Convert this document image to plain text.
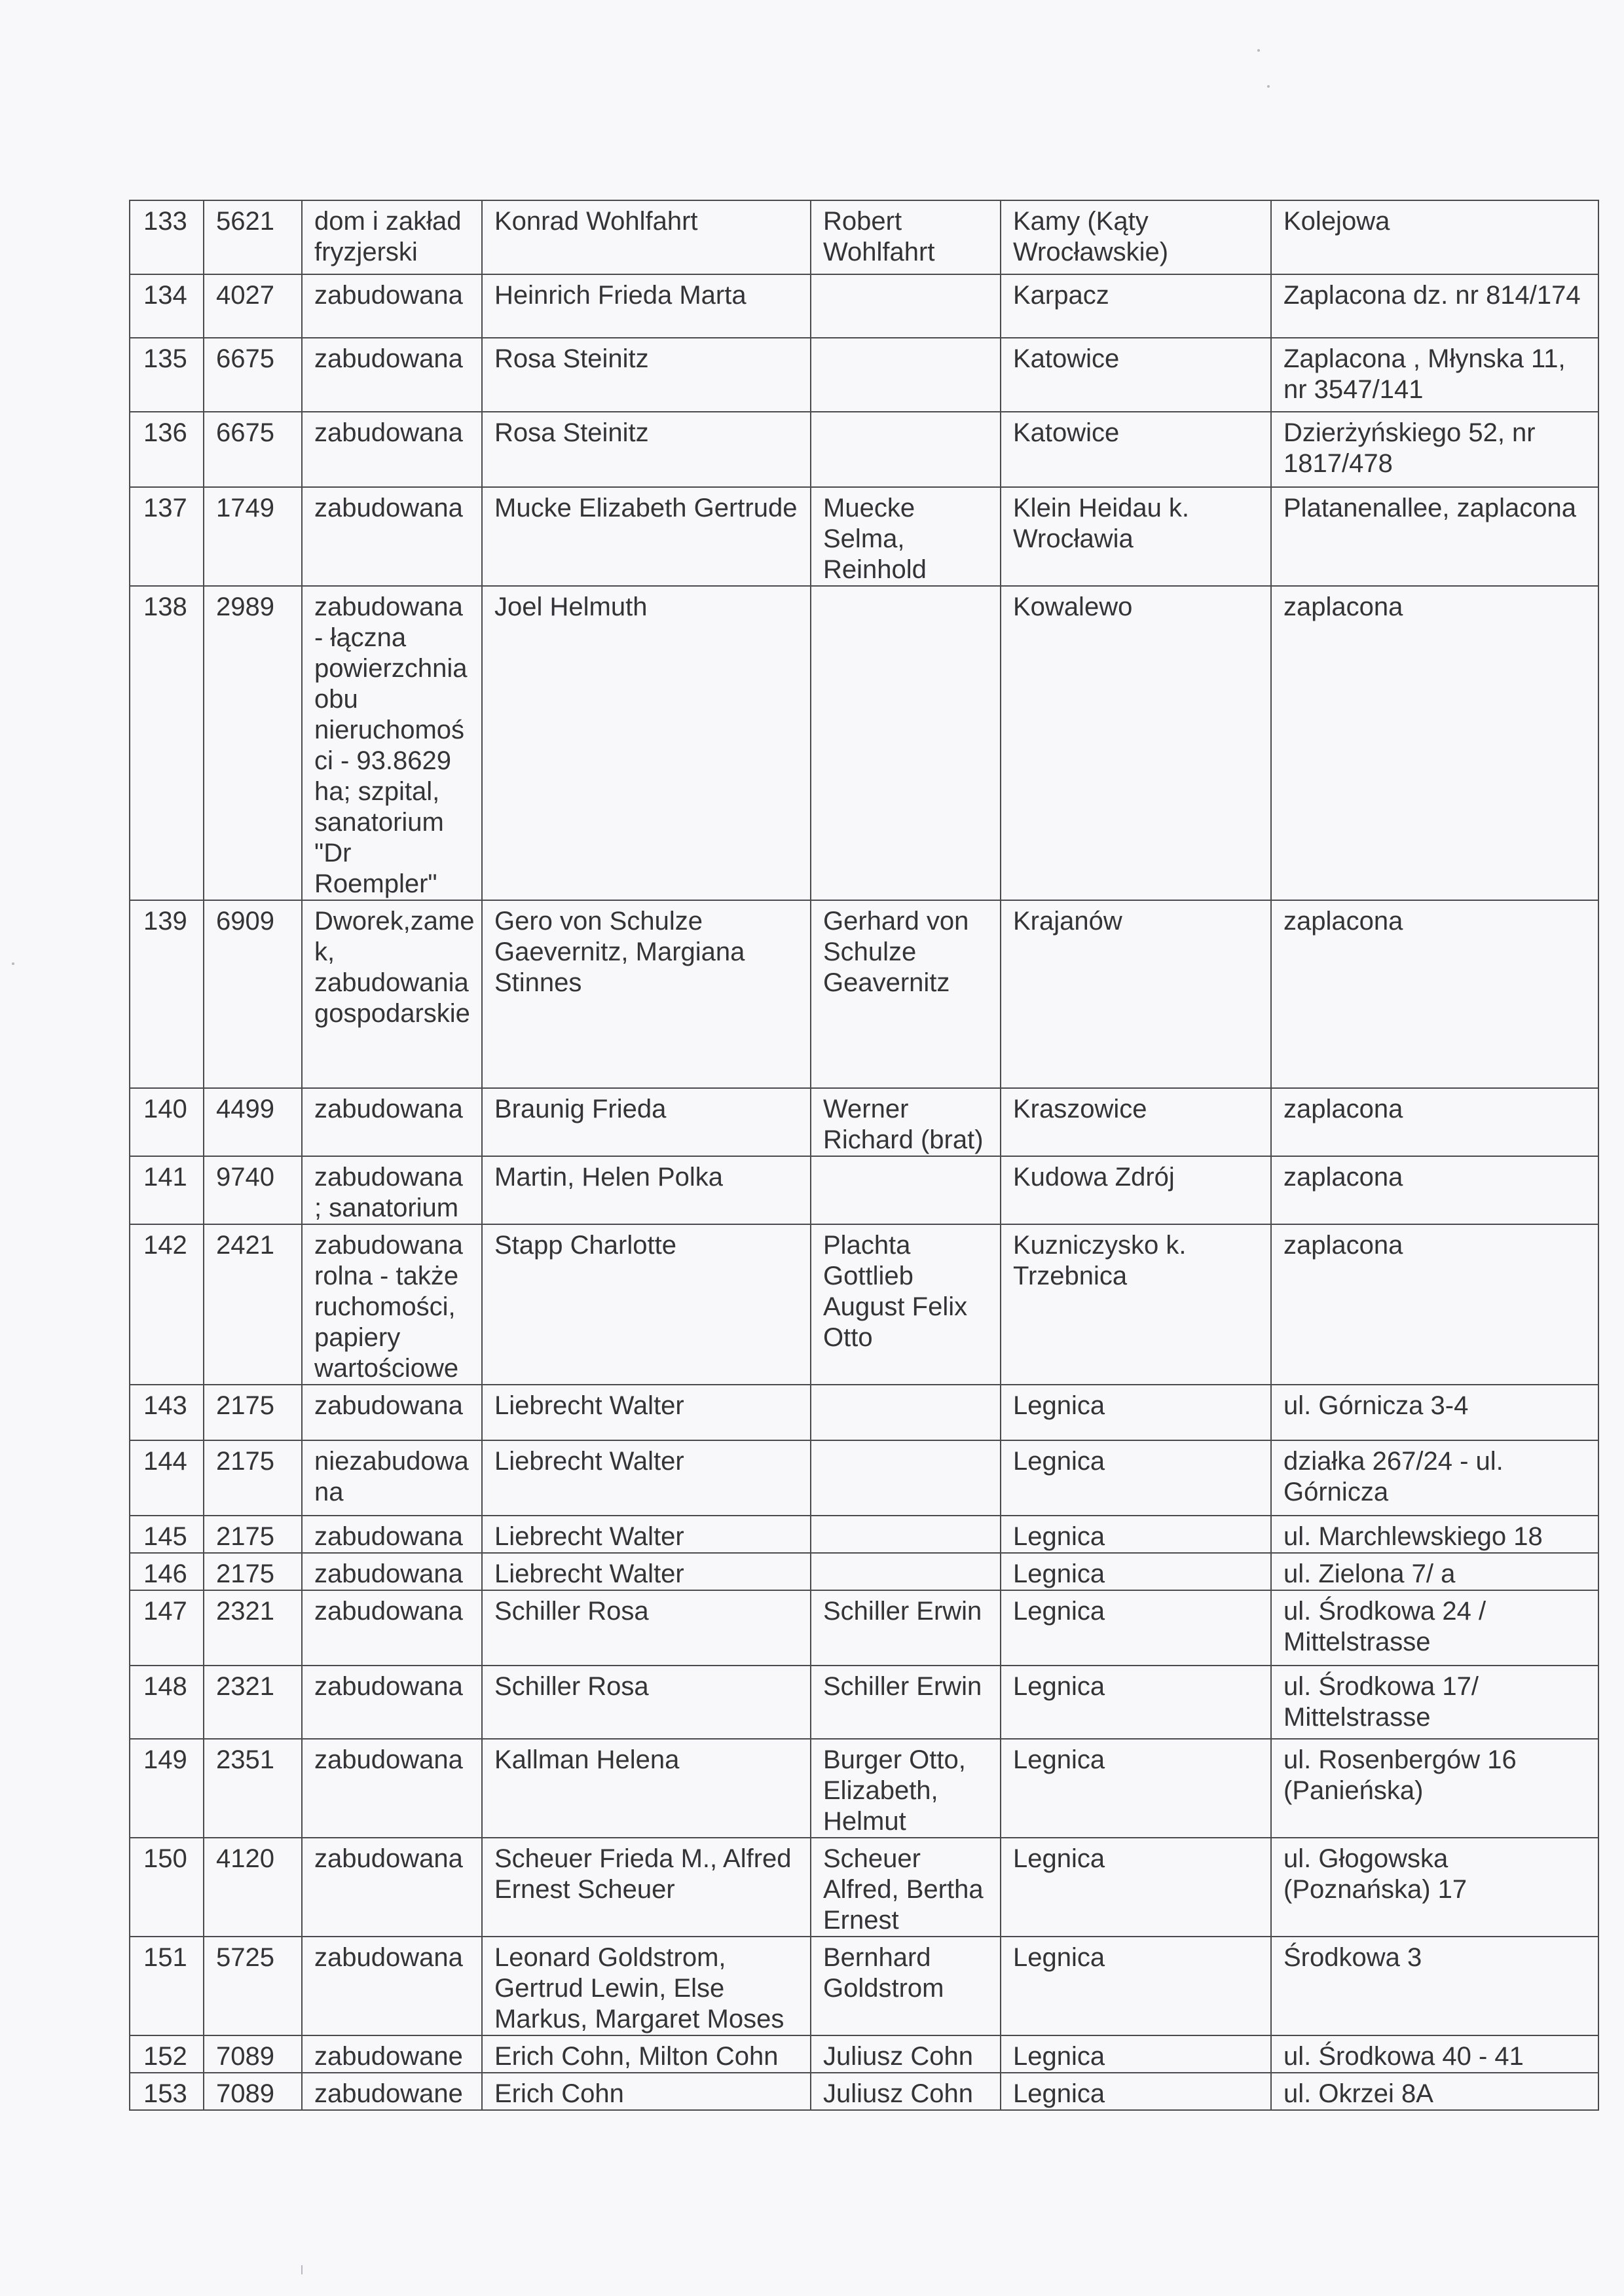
133	5621	dom i zakład fryzjerski	Konrad Wohlfahrt	Robert Wohlfahrt	Kamy (Kąty Wrocławskie)	Kolejowa
134	4027	zabudowana	Heinrich Frieda Marta		Karpacz	Zaplacona dz. nr 814/174
135	6675	zabudowana	Rosa Steinitz		Katowice	Zaplacona , Młynska 11, nr 3547/141
136	6675	zabudowana	Rosa Steinitz		Katowice	Dzierżyńskiego 52, nr 1817/478
137	1749	zabudowana	Mucke Elizabeth Gertrude	Muecke Selma, Reinhold	Klein Heidau k. Wrocławia	Platanenallee, zaplacona
138	2989	zabudowana - łączna powierzchnia obu nieruchomości - 93.8629 ha; szpital, sanatorium "Dr Roempler"	Joel Helmuth		Kowalewo	zaplacona
139	6909	Dworek,zamek, zabudowania gospodarskie	Gero von Schulze Gaevernitz, Margiana Stinnes	Gerhard von Schulze Geavernitz	Krajanów	zaplacona
140	4499	zabudowana	Braunig Frieda	Werner Richard (brat)	Kraszowice	zaplacona
141	9740	zabudowana ; sanatorium	Martin, Helen Polka		Kudowa Zdrój	zaplacona
142	2421	zabudowana rolna - także ruchomości, papiery wartościowe	Stapp Charlotte	Plachta Gottlieb August Felix Otto	Kuzniczysko k. Trzebnica	zaplacona
143	2175	zabudowana	Liebrecht Walter		Legnica	ul. Górnicza 3-4
144	2175	niezabudowana	Liebrecht Walter		Legnica	działka 267/24 - ul. Górnicza
145	2175	zabudowana	Liebrecht Walter		Legnica	ul. Marchlewskiego 18
146	2175	zabudowana	Liebrecht Walter		Legnica	ul. Zielona 7/ a
147	2321	zabudowana	Schiller Rosa	Schiller Erwin	Legnica	ul. Środkowa 24 / Mittelstrasse
148	2321	zabudowana	Schiller Rosa	Schiller Erwin	Legnica	ul. Środkowa 17/ Mittelstrasse
149	2351	zabudowana	Kallman Helena	Burger Otto, Elizabeth, Helmut	Legnica	ul. Rosenbergów 16 (Panieńska)
150	4120	zabudowana	Scheuer Frieda M., Alfred Ernest Scheuer	Scheuer Alfred, Bertha Ernest	Legnica	ul. Głogowska (Poznańska) 17
151	5725	zabudowana	Leonard Goldstrom, Gertrud Lewin, Else Markus, Margaret Moses	Bernhard Goldstrom	Legnica	Środkowa 3
152	7089	zabudowane	Erich Cohn, Milton Cohn	Juliusz Cohn	Legnica	ul. Środkowa 40 - 41
153	7089	zabudowane	Erich Cohn	Juliusz Cohn	Legnica	ul. Okrzei 8A
